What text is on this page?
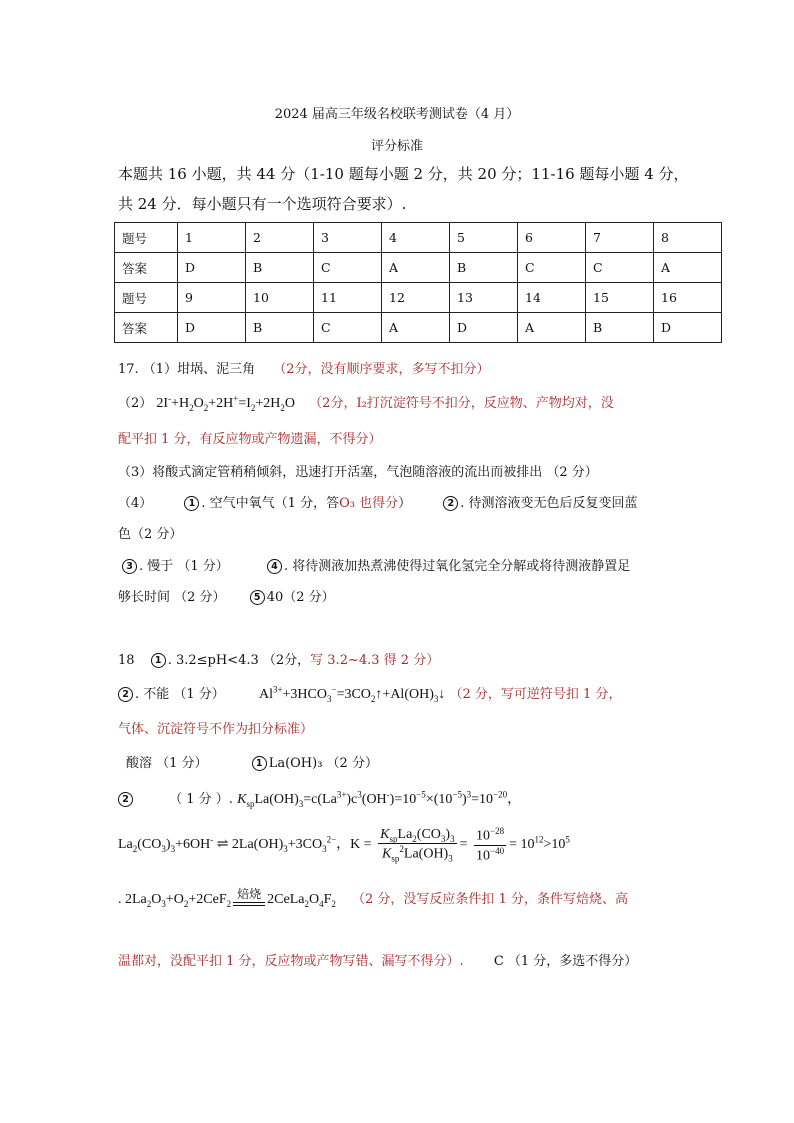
2024 届高三年级名校联考测试卷（4 月）
评分标准
本题共 16 小题，共 44 分（1-10 题每小题 2 分，共 20 分；11-16 题每小题 4 分，
共 24 分．每小题只有一个选项符合要求）.
题号	1	2	3	4	5	6	7	8
答案	D	B	C	A	B	C	C	A
题号	9	10	11	12	13	14	15	16
答案	D	B	C	A	D	A	B	D
17. （1）坩埚、泥三角 （2分，没有顺序要求，多写不扣分）
（2） $2I^-+H_2O_2+2H^+=I_2+2H_2O$ （2分，I₂打沉淀符号不扣分，反应物、产物均对，没
配平扣 1 分，有反应物或产物遗漏，不得分）
（3）将酸式滴定管稍稍倾斜，迅速打开活塞，气泡随溶液的流出而被排出 （2 分）
（4）	1 . 空气中氧气（1 分，答O₃ 也得分）	2 . 待测溶液变无色后反复变回蓝
色（2 分）
3 . 慢于 （1 分）	4 . 将待测液加热煮沸使得过氧化氢完全分解或将待测液静置足
够长时间 （2 分）	5 40（2 分）
18 1 . 3.2≤pH<4.3 （2分，写 3.2~4.3 得 2 分）
2 . 不能 （1 分） $Al^{3+}+3HCO_3^-=3CO_2↑+Al(OH)_3↓$ （2 分，写可逆符号扣 1 分，
气体、沉淀符号不作为扣分标准）
酸溶 （1 分）	1 La(OH)₃ （2 分）
2	（ 1 分 ）. $K_{sp}La(OH)_3=c(La^{3+})c^3(OH^-)=10^{-5}\times(10^{-5})^3=10^{-20}$，
$La_2(CO_3)_3+6OH^-$ ⇌ $2La(OH)_3+3CO_3^{2-}$，$K = \frac{K_{sp}La_2(CO_3)_3}{K_{sp}^2La(OH)_3} = \frac{10^{-28}}{10^{-40}} = 10^{12}>10^5$
. $2La_2O_3+O_2+2CeF_2$
焙烧 $2CeLa_2O_4F_2$ （2 分，没写反应条件扣 1 分，条件写焙烧、高
温都对，没配平扣 1 分，反应物或产物写错、漏写不得分）. C （1 分，多选不得分）
